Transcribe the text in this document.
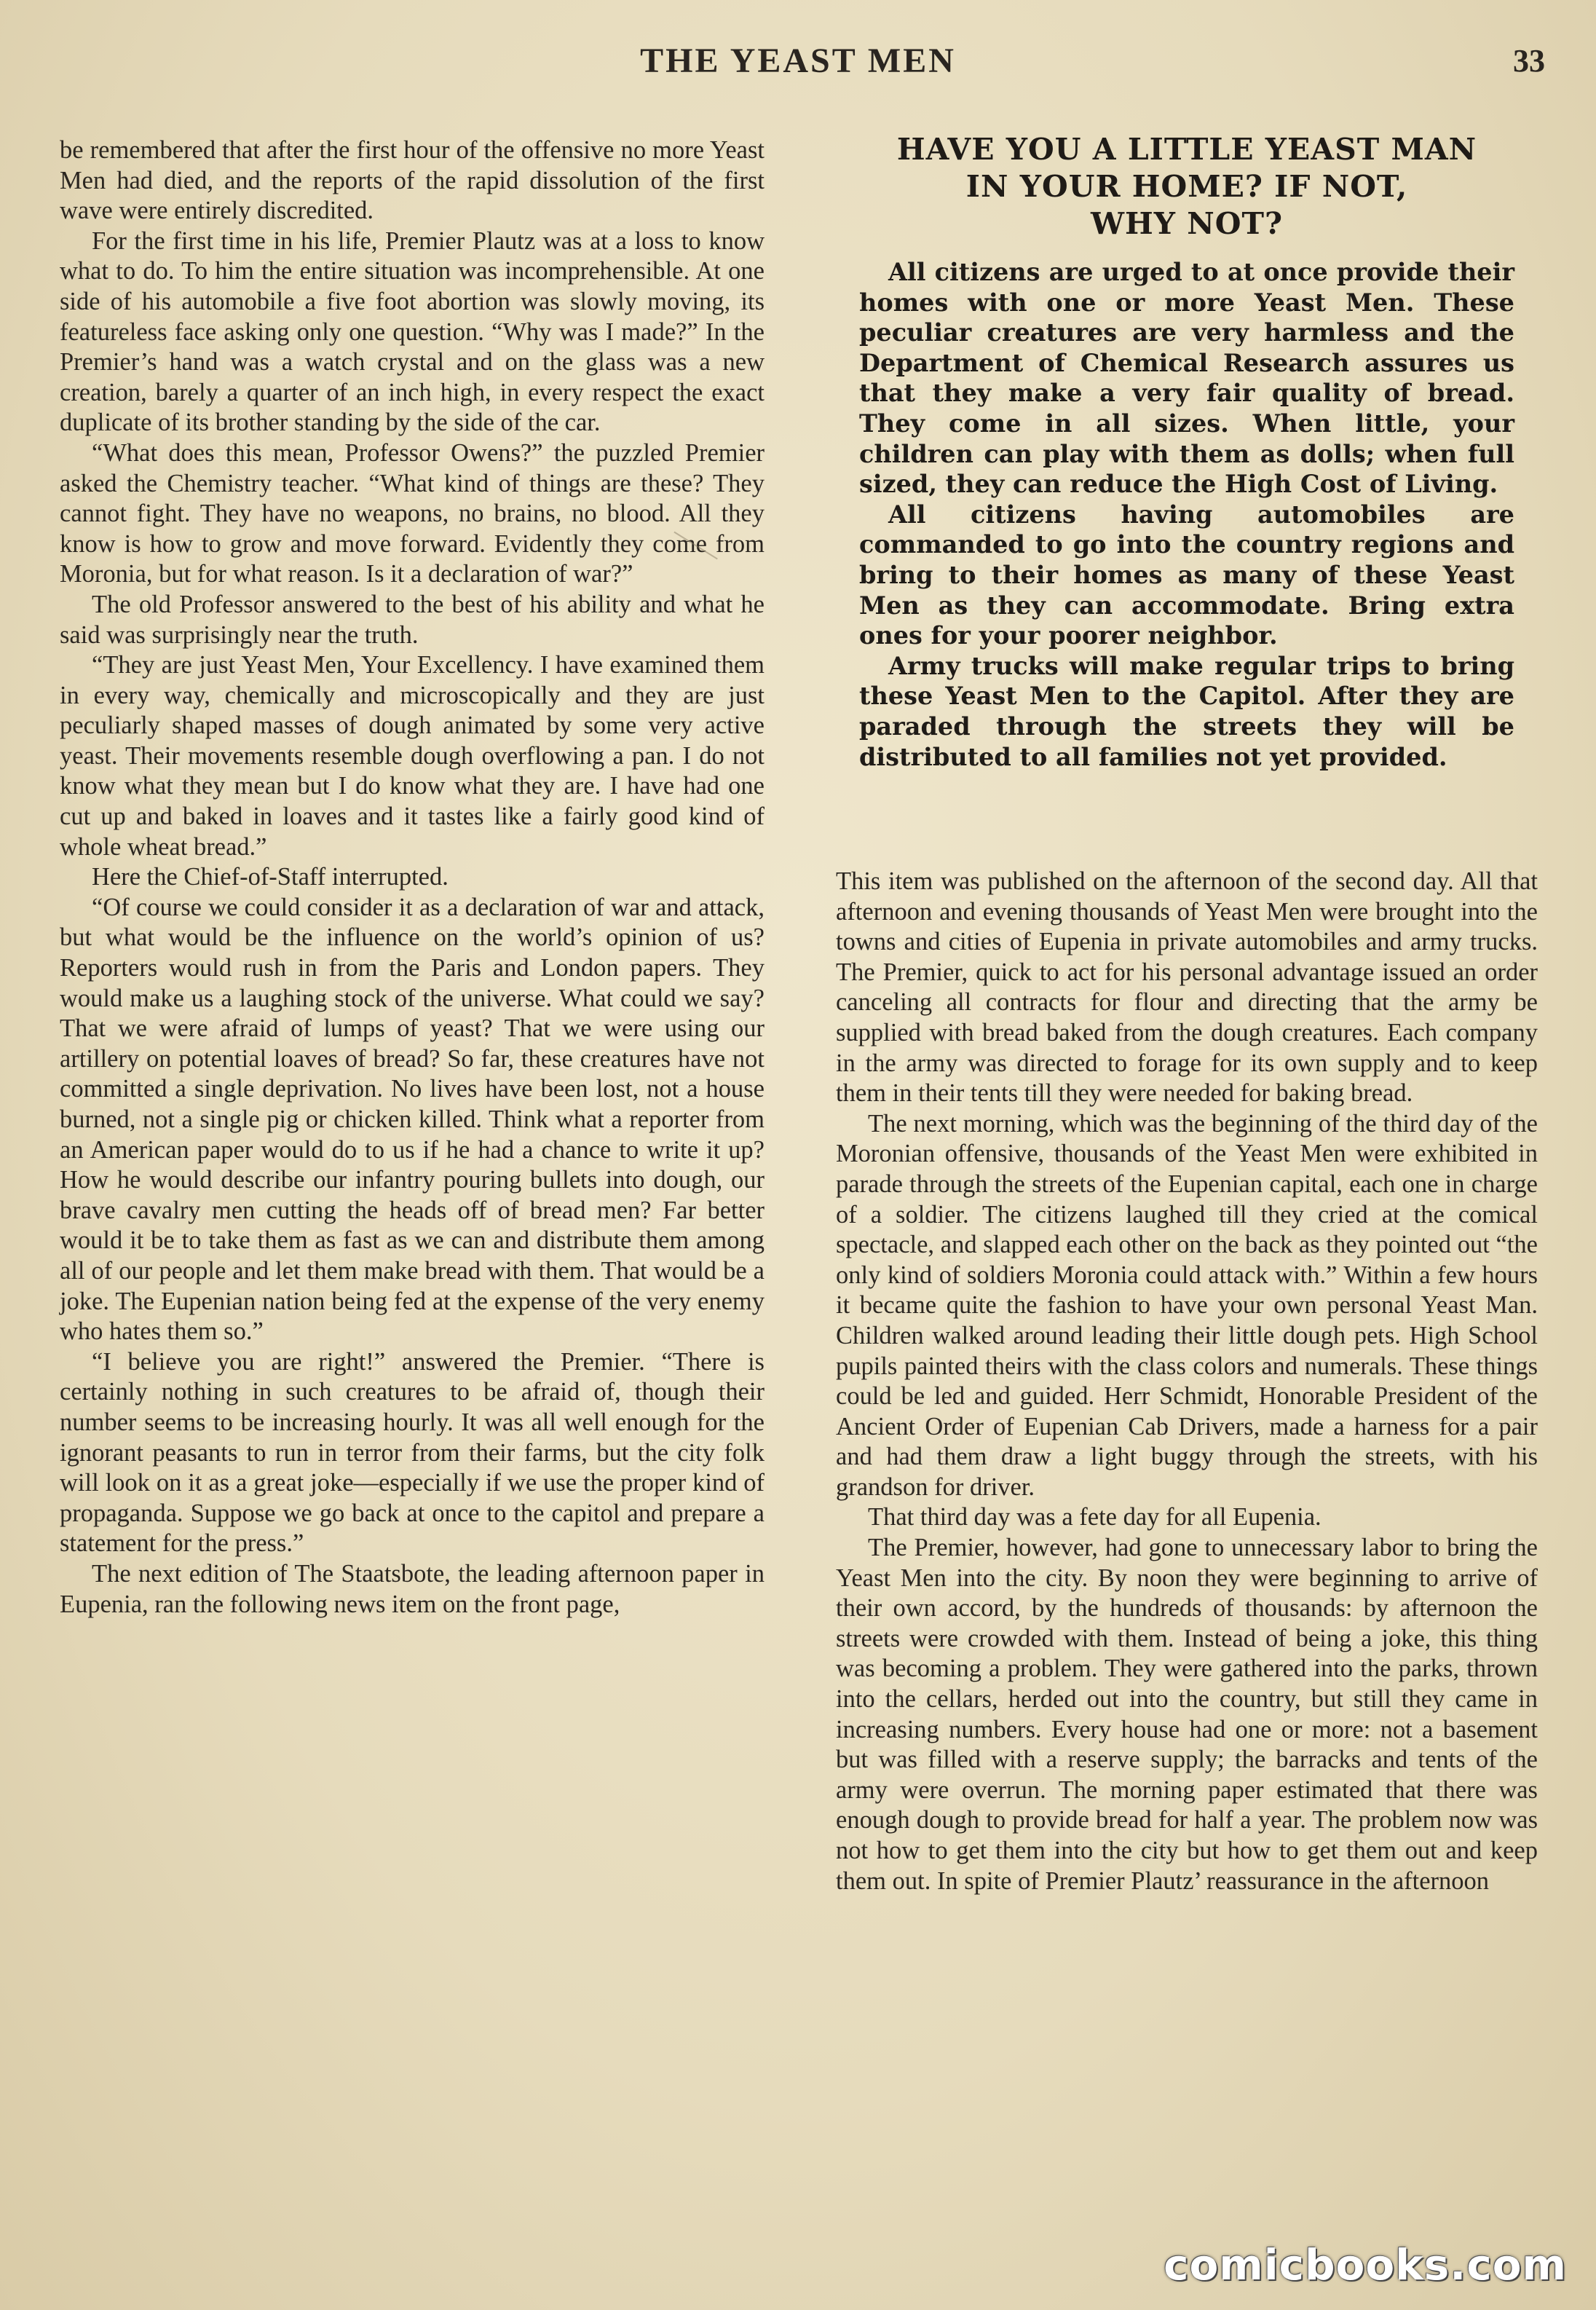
THE YEAST MEN	33

be remembered that after the first hour of the offensive no more Yeast Men had died, and the reports of the rapid dissolution of the first wave were entirely discredited.

For the first time in his life, Premier Plautz was at a loss to know what to do. To him the entire situation was incomprehensible. At one side of his automobile a five foot abortion was slowly moving, its featureless face asking only one question. “Why was I made?” In the Premier’s hand was a watch crystal and on the glass was a new creation, barely a quarter of an inch high, in every respect the exact duplicate of its brother standing by the side of the car.

“What does this mean, Professor Owens?” the puzzled Premier asked the Chemistry teacher. “What kind of things are these? They cannot fight. They have no weapons, no brains, no blood. All they know is how to grow and move forward. Evidently they come from Moronia, but for what reason. Is it a declaration of war?”

The old Professor answered to the best of his ability and what he said was surprisingly near the truth.

“They are just Yeast Men, Your Excellency. I have examined them in every way, chemically and microscopically and they are just peculiarly shaped masses of dough animated by some very active yeast. Their movements resemble dough overflowing a pan. I do not know what they mean but I do know what they are. I have had one cut up and baked in loaves and it tastes like a fairly good kind of whole wheat bread.”

Here the Chief-of-Staff interrupted.

“Of course we could consider it as a declaration of war and attack, but what would be the influence on the world’s opinion of us? Reporters would rush in from the Paris and London papers. They would make us a laughing stock of the universe. What could we say? That we were afraid of lumps of yeast? That we were using our artillery on potential loaves of bread? So far, these creatures have not committed a single deprivation. No lives have been lost, not a house burned, not a single pig or chicken killed. Think what a reporter from an American paper would do to us if he had a chance to write it up? How he would describe our infantry pouring bullets into dough, our brave cavalry men cutting the heads off of bread men? Far better would it be to take them as fast as we can and distribute them among all of our people and let them make bread with them. That would be a joke. The Eupenian nation being fed at the expense of the very enemy who hates them so.”

“I believe you are right!” answered the Premier. “There is certainly nothing in such creatures to be afraid of, though their number seems to be increasing hourly. It was all well enough for the ignorant peasants to run in terror from their farms, but the city folk will look on it as a great joke—especially if we use the proper kind of propaganda. Suppose we go back at once to the capitol and prepare a statement for the press.”

The next edition of The Staatsbote, the leading afternoon paper in Eupenia, ran the following news item on the front page,

HAVE YOU A LITTLE YEAST MAN
IN YOUR HOME? IF NOT,
WHY NOT?

All citizens are urged to at once provide their homes with one or more Yeast Men. These peculiar creatures are very harmless and the Department of Chemical Research assures us that they make a very fair quality of bread. They come in all sizes. When little, your children can play with them as dolls; when full sized, they can reduce the High Cost of Living.

All citizens having automobiles are commanded to go into the country regions and bring to their homes as many of these Yeast Men as they can accommodate. Bring extra ones for your poorer neighbor.

Army trucks will make regular trips to bring these Yeast Men to the Capitol. After they are paraded through the streets they will be distributed to all families not yet provided.

This item was published on the afternoon of the second day. All that afternoon and evening thousands of Yeast Men were brought into the towns and cities of Eupenia in private automobiles and army trucks. The Premier, quick to act for his personal advantage issued an order canceling all contracts for flour and directing that the army be supplied with bread baked from the dough creatures. Each company in the army was directed to forage for its own supply and to keep them in their tents till they were needed for baking bread.

The next morning, which was the beginning of the third day of the Moronian offensive, thousands of the Yeast Men were exhibited in parade through the streets of the Eupenian capital, each one in charge of a soldier. The citizens laughed till they cried at the comical spectacle, and slapped each other on the back as they pointed out “the only kind of soldiers Moronia could attack with.” Within a few hours it became quite the fashion to have your own personal Yeast Man. Children walked around leading their little dough pets. High School pupils painted theirs with the class colors and numerals. These things could be led and guided. Herr Schmidt, Honorable President of the Ancient Order of Eupenian Cab Drivers, made a harness for a pair and had them draw a light buggy through the streets, with his grandson for driver.

That third day was a fete day for all Eupenia.

The Premier, however, had gone to unnecessary labor to bring the Yeast Men into the city. By noon they were beginning to arrive of their own accord, by the hundreds of thousands: by afternoon the streets were crowded with them. Instead of being a joke, this thing was becoming a problem. They were gathered into the parks, thrown into the cellars, herded out into the country, but still they came in increasing numbers. Every house had one or more: not a basement but was filled with a reserve supply; the barracks and tents of the army were overrun. The morning paper estimated that there was enough dough to provide bread for half a year. The problem now was not how to get them into the city but how to get them out and keep them out. In spite of Premier Plautz’ reassurance in the afternoon

comicbooks.com
